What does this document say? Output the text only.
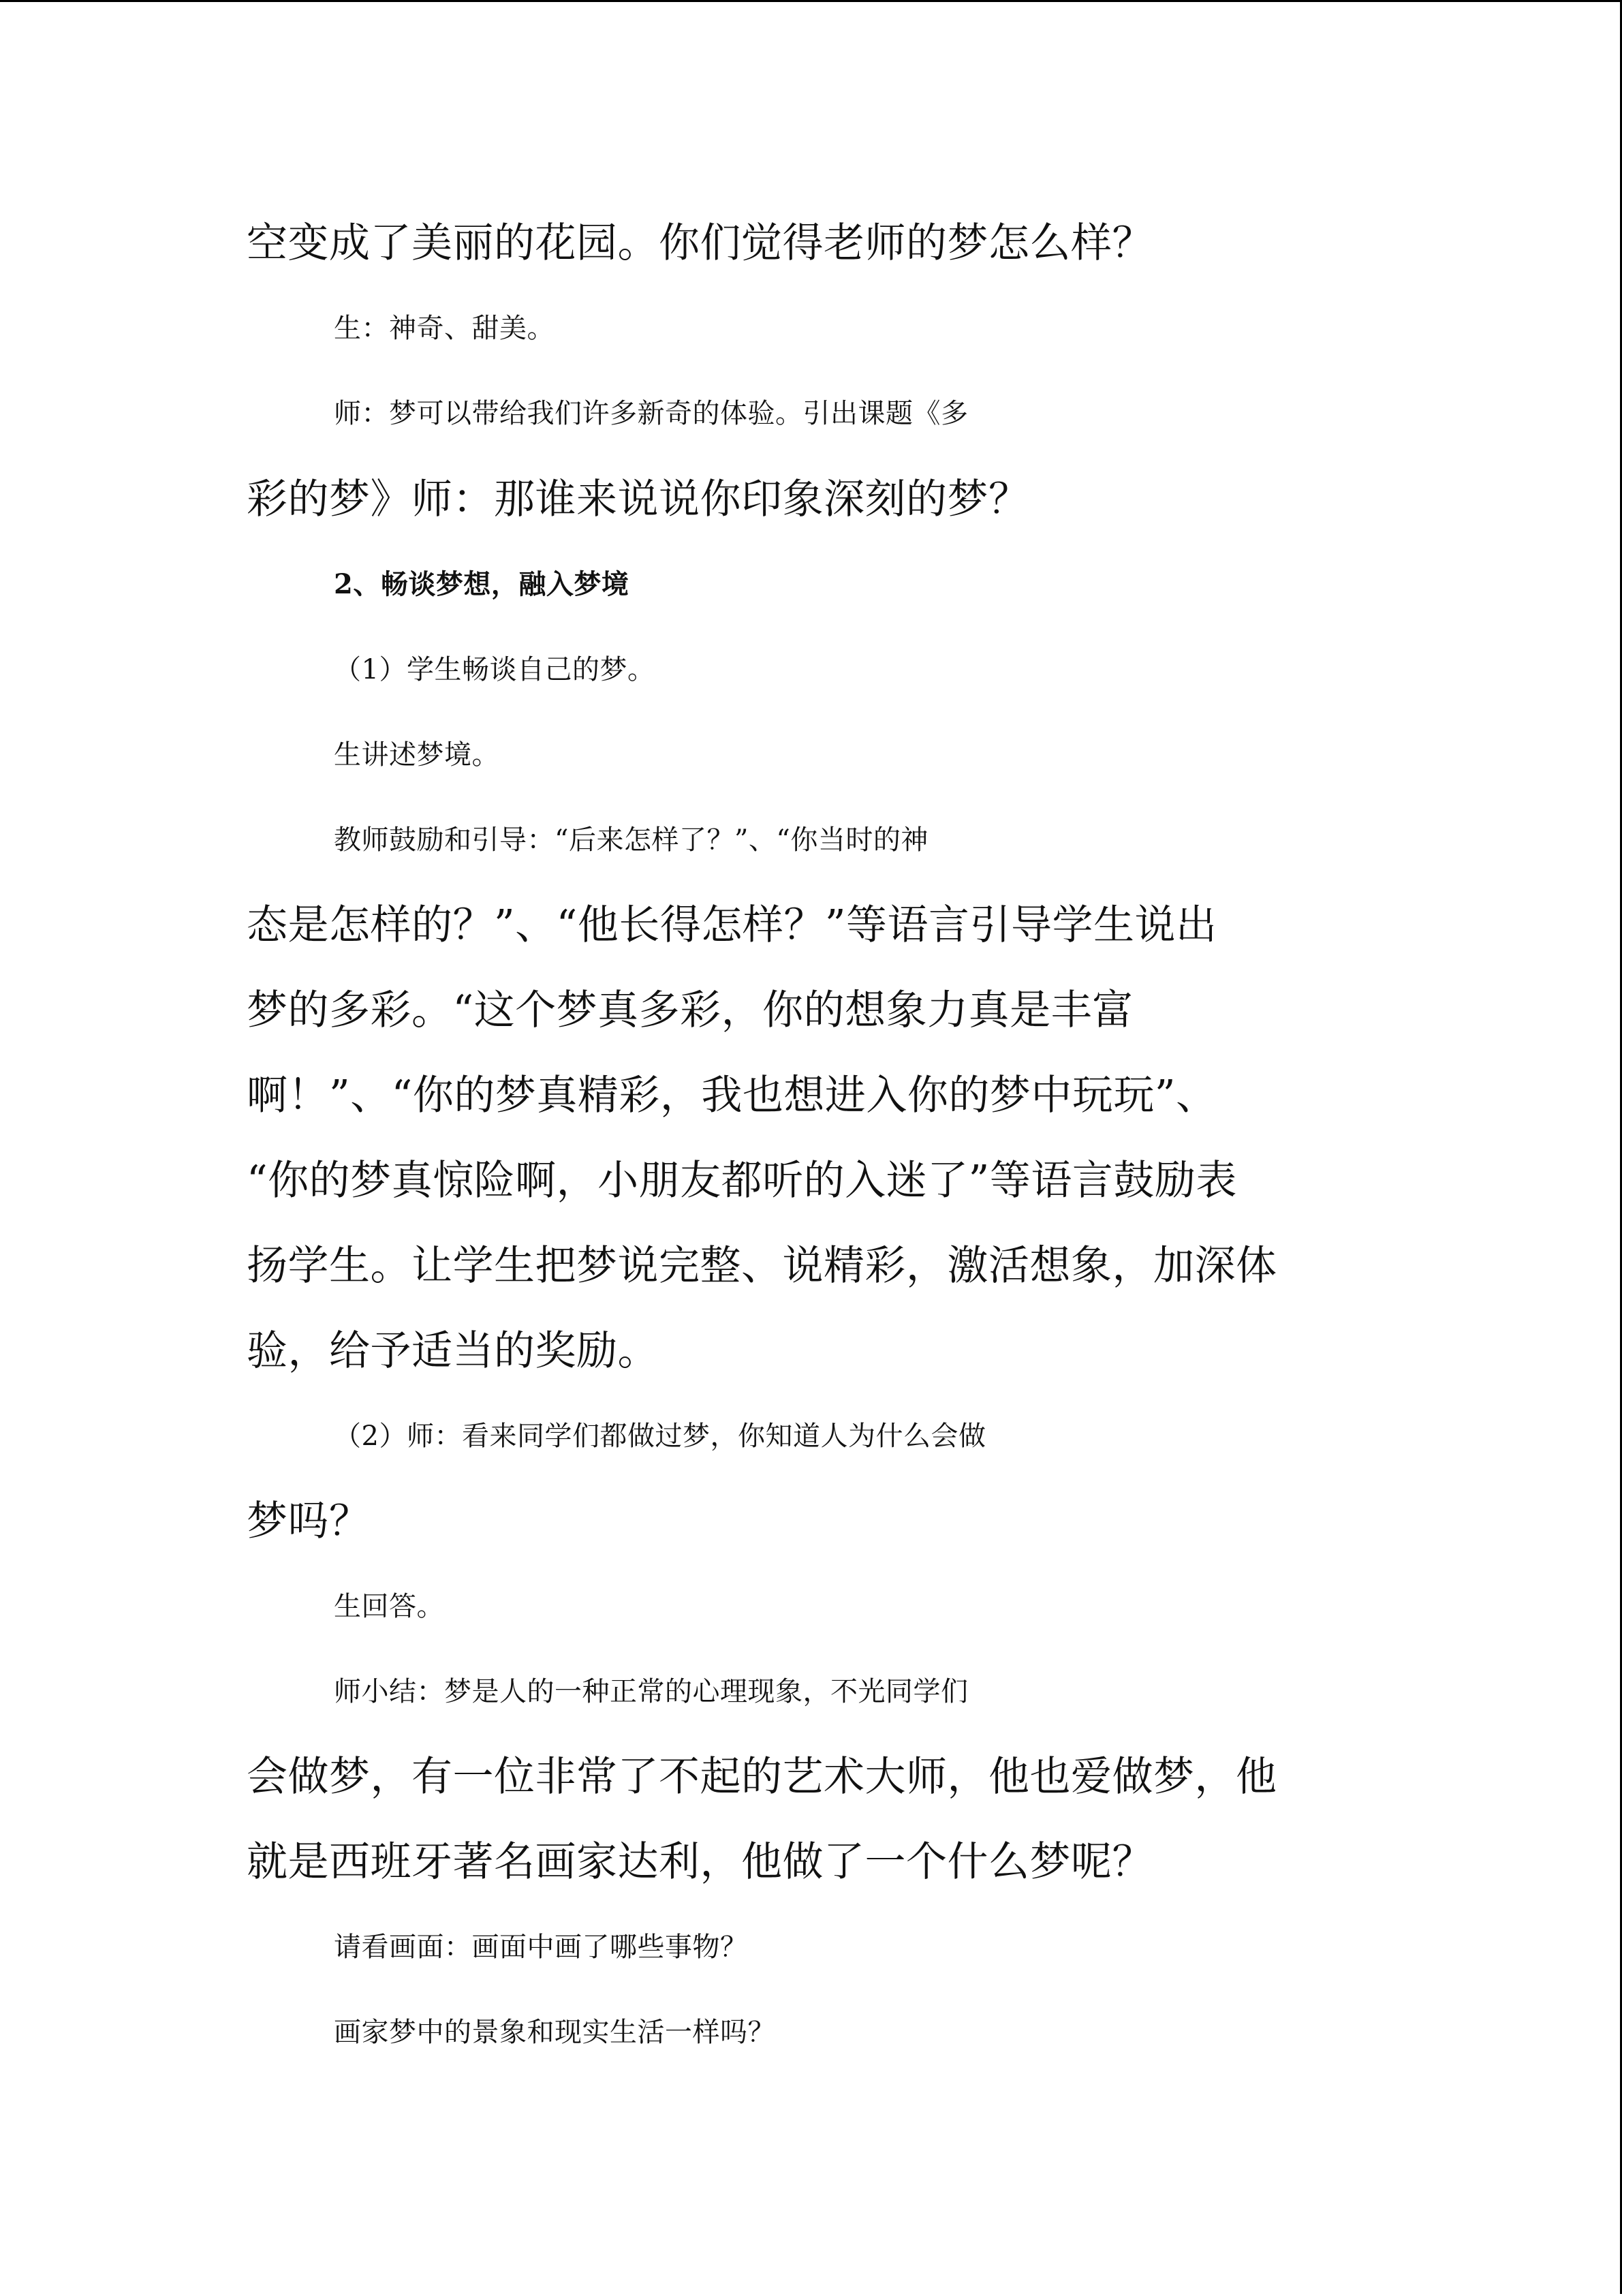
空变成了美丽的花园。你们觉得老师的梦怎么样？
生：神奇、甜美。
师：梦可以带给我们许多新奇的体验。引出课题《多
彩的梦》师：那谁来说说你印象深刻的梦？
2、畅谈梦想，融入梦境
（1）学生畅谈自己的梦。
生讲述梦境。
教师鼓励和引导：“后来怎样了？”、“你当时的神
态是怎样的？”、“他长得怎样？”等语言引导学生说出
梦的多彩。“这个梦真多彩，你的想象力真是丰富
啊！”、“你的梦真精彩，我也想进入你的梦中玩玩”、
“你的梦真惊险啊，小朋友都听的入迷了”等语言鼓励表
扬学生。让学生把梦说完整、说精彩，激活想象，加深体
验，给予适当的奖励。
（2）师：看来同学们都做过梦，你知道人为什么会做
梦吗？
生回答。
师小结：梦是人的一种正常的心理现象，不光同学们
会做梦，有一位非常了不起的艺术大师，他也爱做梦，他
就是西班牙著名画家达利，他做了一个什么梦呢？
请看画面：画面中画了哪些事物？
画家梦中的景象和现实生活一样吗？
